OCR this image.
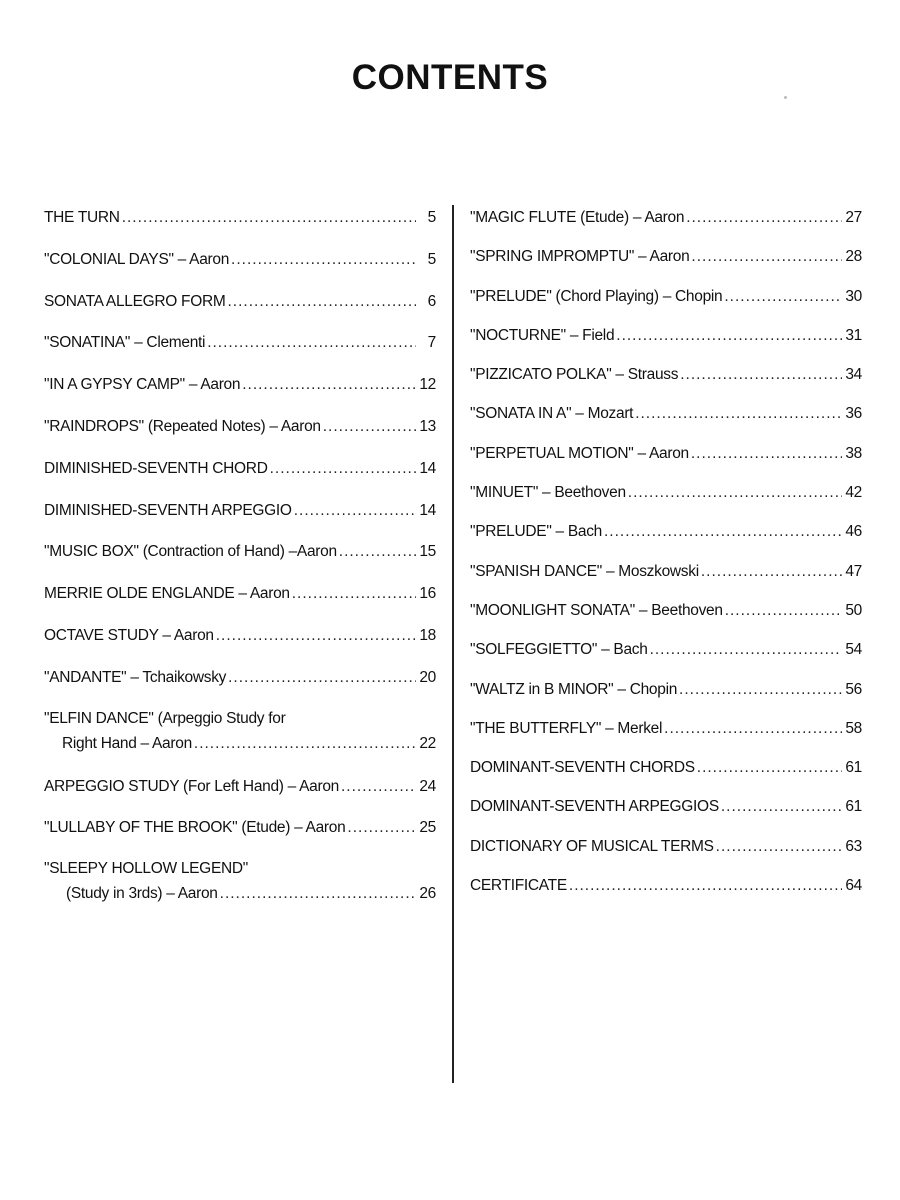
CONTENTS
THE TURN .....	5
"COLONIAL DAYS" – Aaron .....	5
SONATA ALLEGRO FORM .....	6
"SONATINA" – Clementi .....	7
"IN A GYPSY CAMP" – Aaron .....	12
"RAINDROPS" (Repeated Notes) – Aaron .....	13
DIMINISHED-SEVENTH CHORD .....	14
DIMINISHED-SEVENTH ARPEGGIO .....	14
"MUSIC BOX" (Contraction of Hand) –Aaron .....	15
MERRIE OLDE ENGLANDE – Aaron .....	16
OCTAVE STUDY – Aaron .....	18
"ANDANTE" – Tchaikowsky .....	20
"ELFIN DANCE" (Arpeggio Study for
Right Hand – Aaron .....	22
ARPEGGIO STUDY (For Left Hand) – Aaron .....	24
"LULLABY OF THE BROOK" (Etude) – Aaron .....	25
"SLEEPY HOLLOW LEGEND"
(Study in 3rds) – Aaron .....	26
"MAGIC FLUTE (Etude) – Aaron .....	27
"SPRING IMPROMPTU" – Aaron .....	28
"PRELUDE" (Chord Playing) – Chopin .....	30
"NOCTURNE" – Field .....	31
"PIZZICATO POLKA" – Strauss .....	34
"SONATA IN A" – Mozart .....	36
"PERPETUAL MOTION" – Aaron .....	38
"MINUET" – Beethoven .....	42
"PRELUDE" – Bach .....	46
"SPANISH DANCE" – Moszkowski .....	47
"MOONLIGHT SONATA" – Beethoven .....	50
"SOLFEGGIETTO" – Bach .....	54
"WALTZ in B MINOR" – Chopin .....	56
"THE BUTTERFLY" – Merkel .....	58
DOMINANT-SEVENTH CHORDS .....	61
DOMINANT-SEVENTH ARPEGGIOS .....	61
DICTIONARY OF MUSICAL TERMS .....	63
CERTIFICATE .....	64
